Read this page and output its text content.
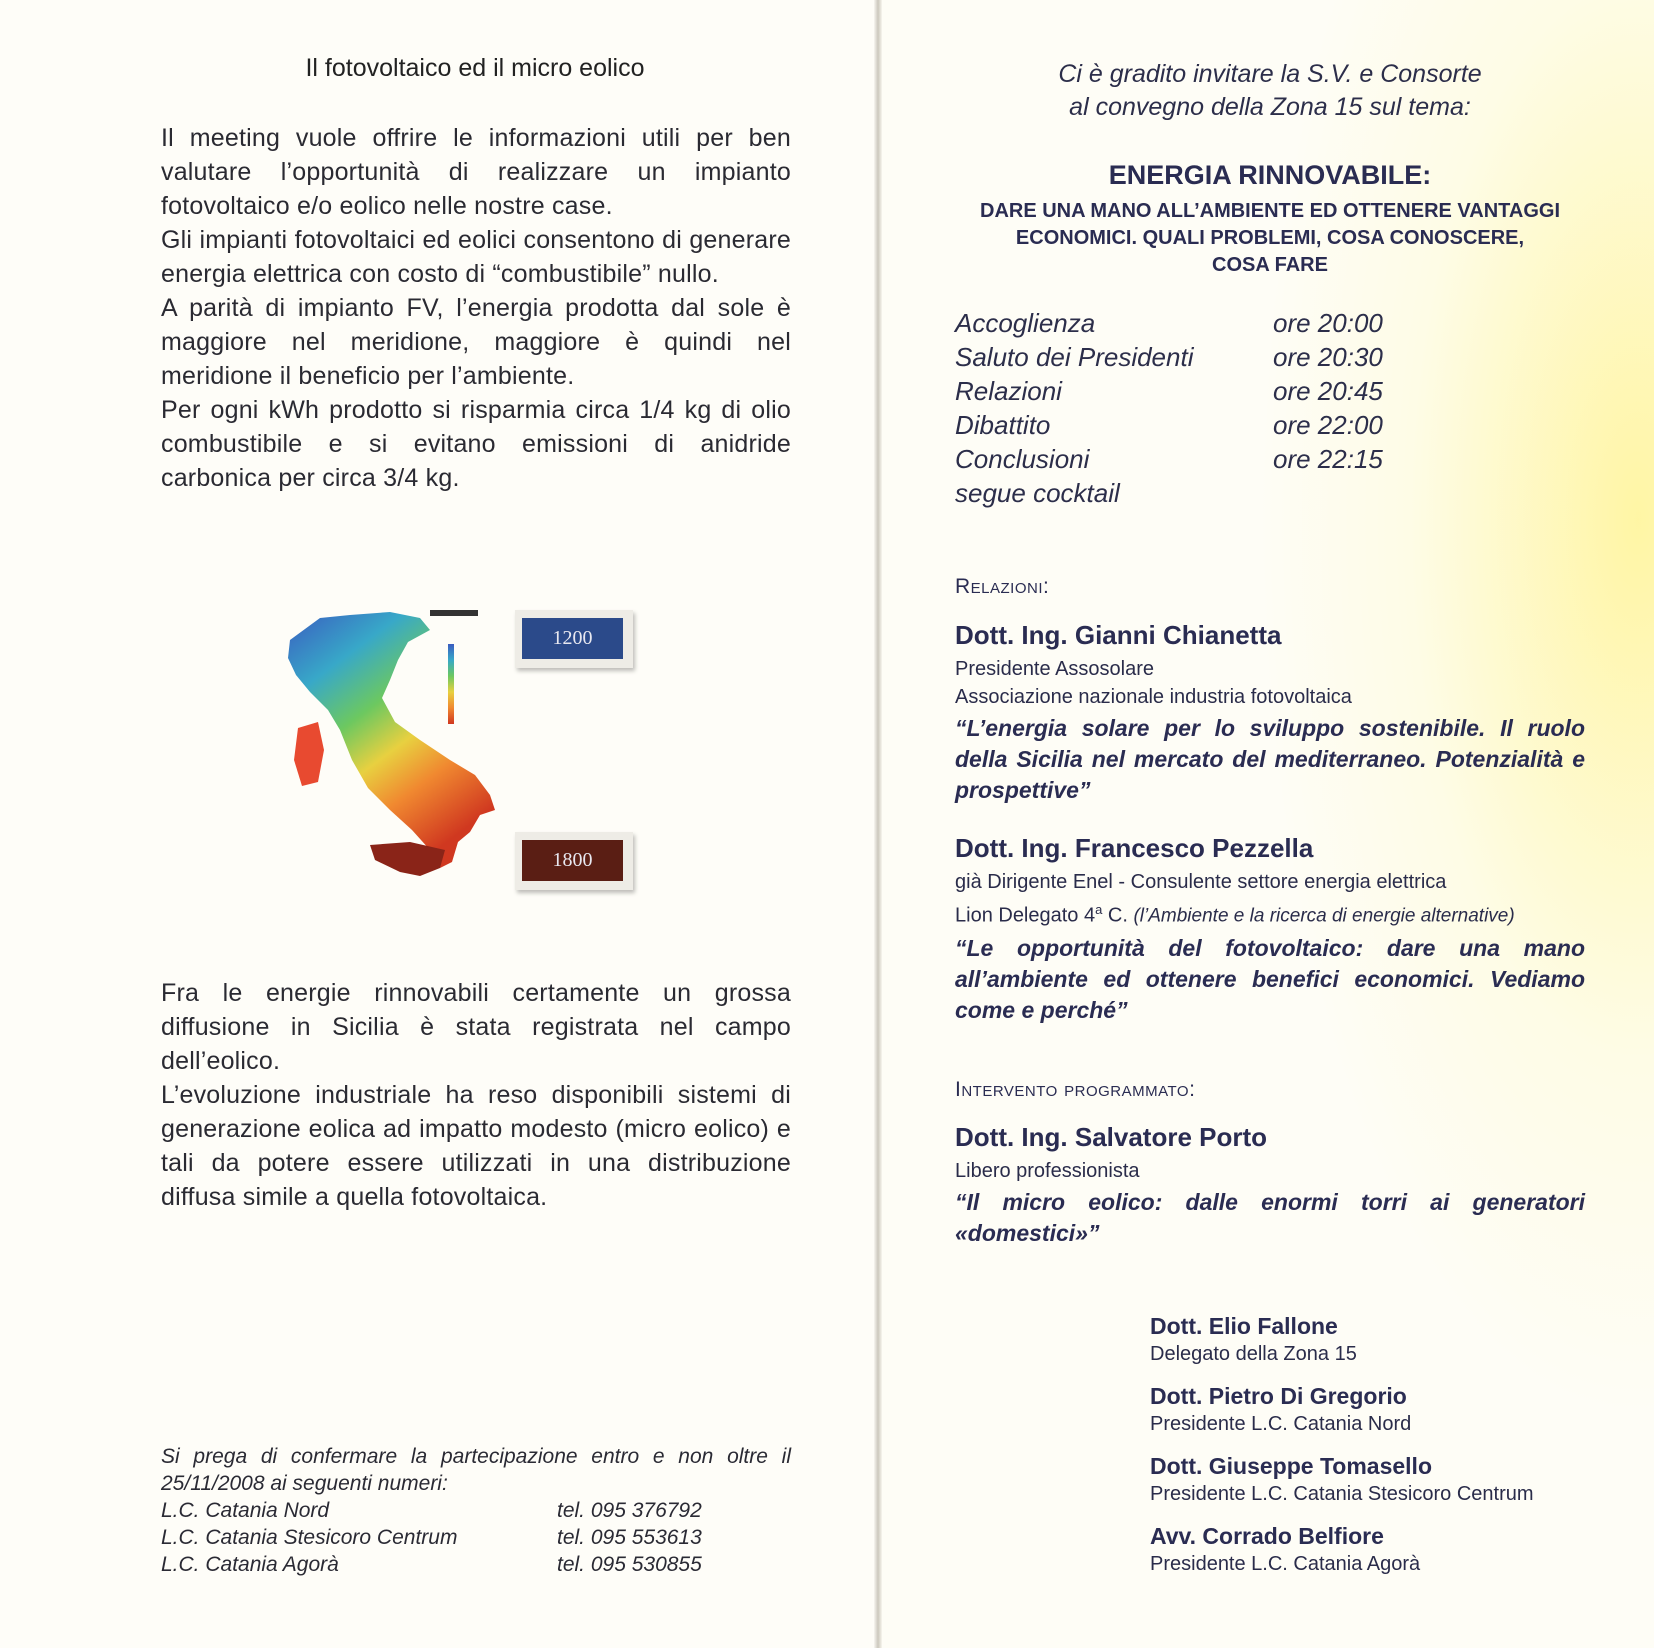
Il fotovoltaico ed il micro eolico

Il meeting vuole offrire le informazioni utili per ben valutare l’opportunità di realizzare un impianto fotovoltaico e/o eolico nelle nostre case.

Gli impianti fotovoltaici ed eolici consentono di generare energia elettrica con costo di “combustibile” nullo.

A parità di impianto FV, l’energia prodotta dal sole è maggiore nel meridione, maggiore è quindi nel meridione il beneficio per l’ambiente.

Per ogni kWh prodotto si risparmia circa 1/4 kg di olio combustibile e si evitano emissioni di anidride carbonica per circa 3/4 kg.

1200
1800

Fra le energie rinnovabili certamente un grossa diffusione in Sicilia è stata registrata nel campo dell’eolico.

L’evoluzione industriale ha reso disponibili sistemi di generazione eolica ad impatto modesto (micro eolico) e tali da potere essere utilizzati in una distribuzione diffusa simile a quella fotovoltaica.

Si prega di confermare la partecipazione entro e non oltre il 25/11/2008 ai seguenti numeri:
L.C. Catania Nord	tel. 095 376792
L.C. Catania Stesicoro Centrum	tel. 095 553613
L.C. Catania Agorà	tel. 095 530855
Ci è gradito invitare la S.V. e Consorte
al convegno della Zona 15 sul tema:
ENERGIA RINNOVABILE:
DARE UNA MANO ALL’AMBIENTE ED OTTENERE VANTAGGI
ECONOMICI. QUALI PROBLEMI, COSA CONOSCERE,
COSA FARE
Accoglienza	ore 20:00
Saluto dei Presidenti	ore 20:30
Relazioni	ore 20:45
Dibattito	ore 22:00
Conclusioni	ore 22:15
segue cocktail
Relazioni:
Dott. Ing. Gianni Chianetta
Presidente Assosolare
Associazione nazionale industria fotovoltaica
“L’energia solare per lo sviluppo sostenibile. Il ruolo della Sicilia nel mercato del mediterraneo. Potenzialità e prospettive”
Dott. Ing. Francesco Pezzella
già Dirigente Enel - Consulente settore energia elettrica
Lion Delegato 4$^a$ C. (l’Ambiente e la ricerca di energie alternative)
“Le opportunità del fotovoltaico: dare una mano all’ambiente ed ottenere benefici economici. Vediamo come e perché”
Intervento programmato:
Dott. Ing. Salvatore Porto
Libero professionista
“Il micro eolico: dalle enormi torri ai generatori «domestici»”
Dott. Elio Fallone
Delegato della Zona 15
Dott. Pietro Di Gregorio
Presidente L.C. Catania Nord
Dott. Giuseppe Tomasello
Presidente L.C. Catania Stesicoro Centrum
Avv. Corrado Belfiore
Presidente L.C. Catania Agorà
